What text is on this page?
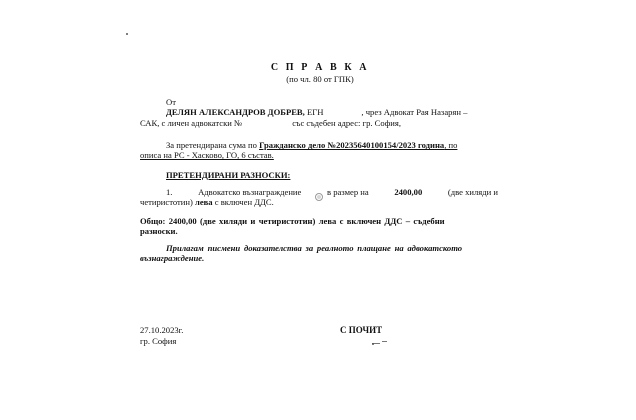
С П Р А В К А
(по чл. 80 от ГПК)
От
ДЕЛЯН АЛЕКСАНДРОВ ДОБРЕВ, ЕГН	, чрез Адвокат Рая Назарян –
САК, с личен адвокатски №	със съдебен адрес: гр. София,
За претендирана сума по Гражданско дело №20235640100154/2023 година, по
описа на РС - Хасково, ГО, 6 състав.
ПРЕТЕНДИРАНИ РАЗНОСКИ:
1.	Адвокатско възнаграждение	в размер на	2400,00	(две хиляди и
четиристотин) лева с включен ДДС.
Общо: 2400,00 (две хиляди и четиристотин) лева с включен ДДС – съдебни
разноски.
Прилагам писмени доказателства за реалното плащане на адвокатското
възнаграждение.
27.10.2023г.
гр. София
С ПОЧИТ
